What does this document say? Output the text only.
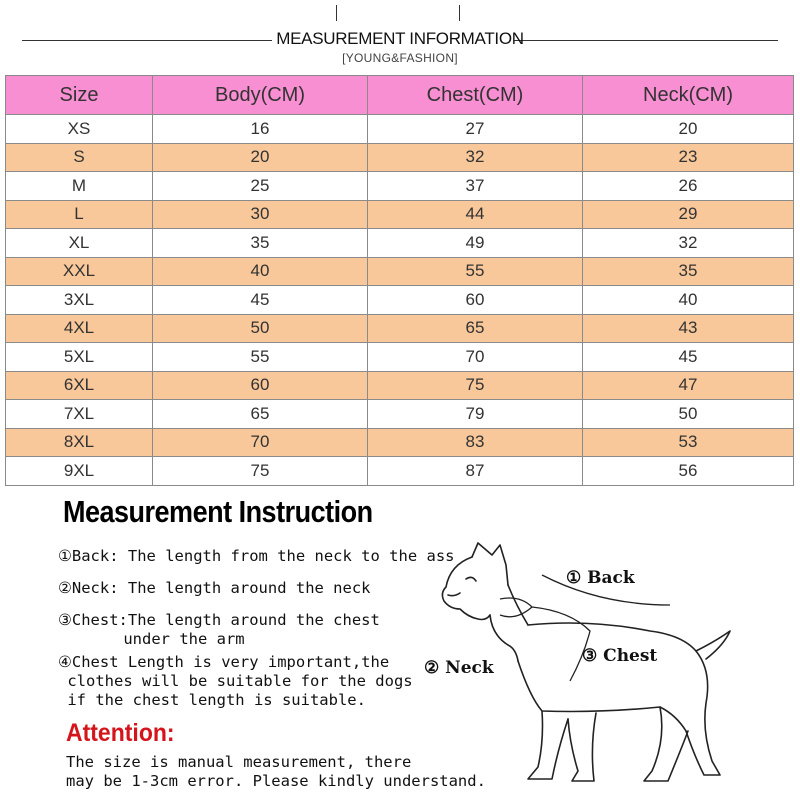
MEASUREMENT INFORMATION
[YOUNG&FASHION]
Size	Body(CM)	Chest(CM)	Neck(CM)
XS	16	27	20
S	20	32	23
M	25	37	26
L	30	44	29
XL	35	49	32
XXL	40	55	35
3XL	45	60	40
4XL	50	65	43
5XL	55	70	45
6XL	60	75	47
7XL	65	79	50
8XL	70	83	53
9XL	75	87	56
Measurement Instruction
①Back: The length from the neck to the ass
②Neck: The length around the neck
③Chest:The length around the chest
under the arm
④Chest Length is very important,the
clothes will be suitable for the dogs
if the chest length is suitable.
Attention:
The size is manual measurement, there
may be 1-3cm error. Please kindly understand.
① Back
③ Chest
② Neck
